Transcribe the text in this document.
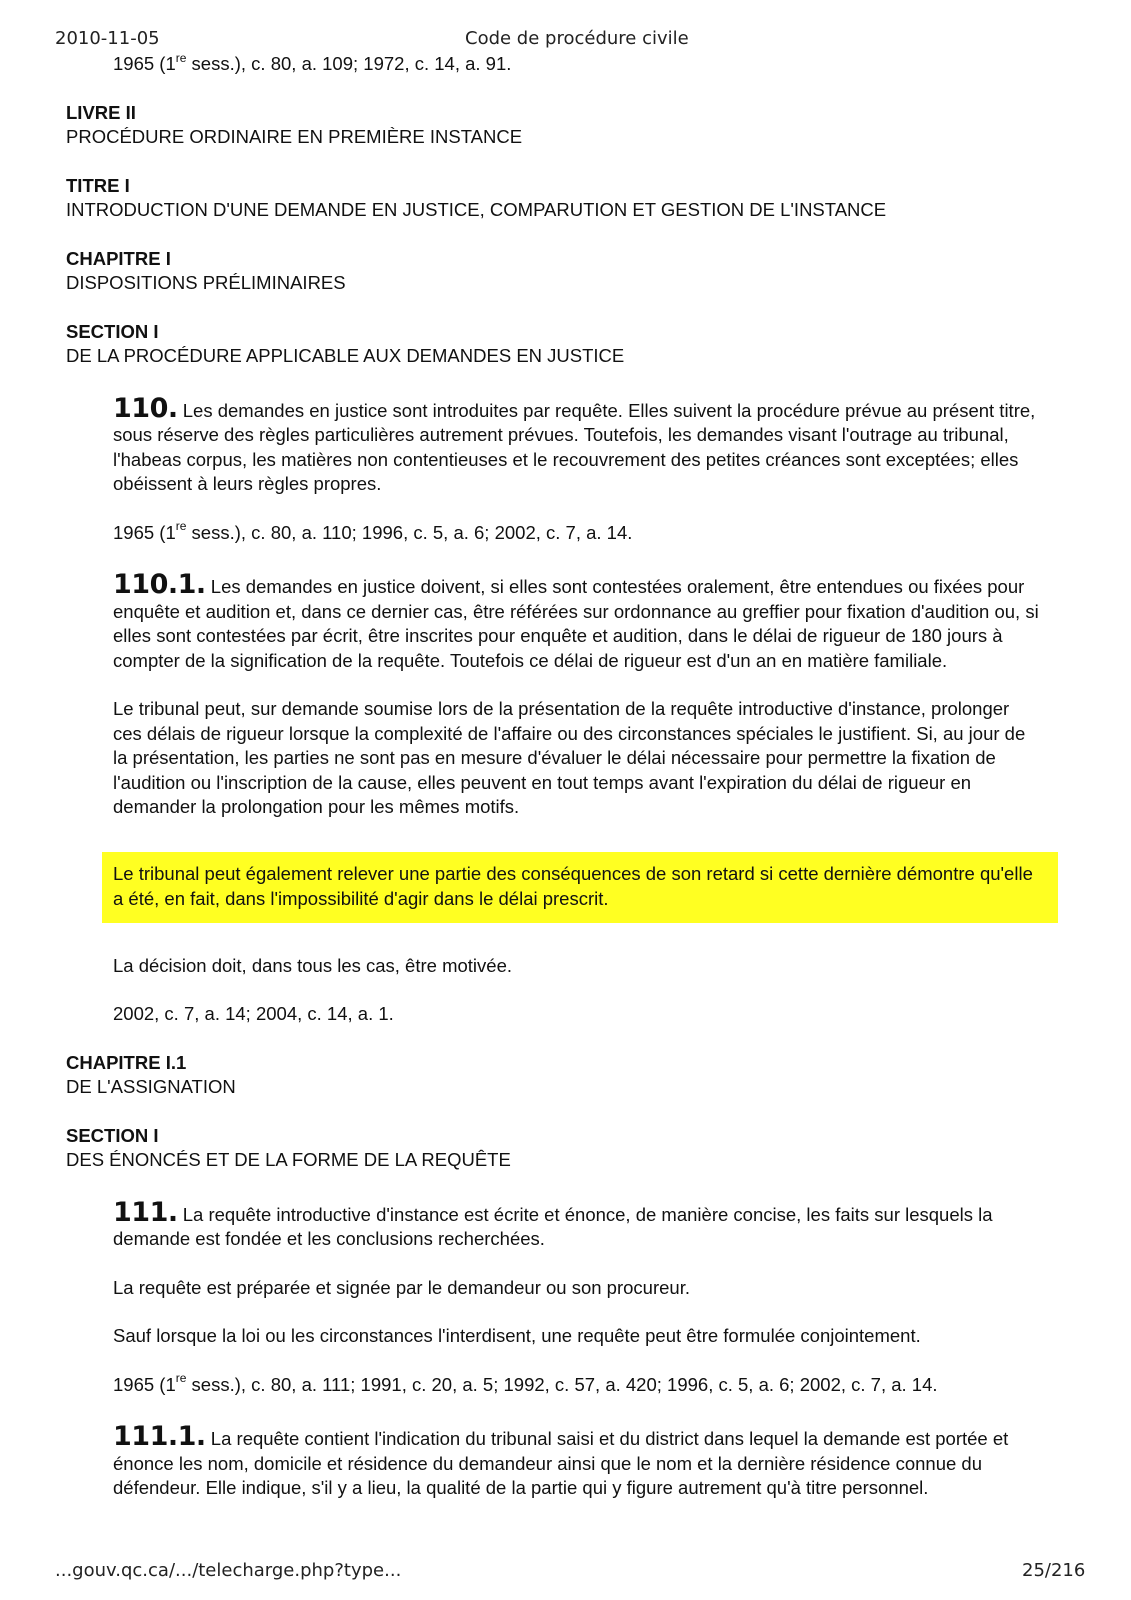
2010-11-05	Code de procédure civile

1965 (1re sess.), c. 80, a. 109; 1972, c. 14, a. 91.

LIVRE II
PROCÉDURE ORDINAIRE EN PREMIÈRE INSTANCE
TITRE I
INTRODUCTION D'UNE DEMANDE EN JUSTICE, COMPARUTION ET GESTION DE L'INSTANCE
CHAPITRE I
DISPOSITIONS PRÉLIMINAIRES
SECTION I
DE LA PROCÉDURE APPLICABLE AUX DEMANDES EN JUSTICE

110. Les demandes en justice sont introduites par requête. Elles suivent la procédure prévue au présent titre, sous réserve des règles particulières autrement prévues. Toutefois, les demandes visant l'outrage au tribunal, l'habeas corpus, les matières non contentieuses et le recouvrement des petites créances sont exceptées; elles obéissent à leurs règles propres.

1965 (1re sess.), c. 80, a. 110; 1996, c. 5, a. 6; 2002, c. 7, a. 14.

110.1. Les demandes en justice doivent, si elles sont contestées oralement, être entendues ou fixées pour enquête et audition et, dans ce dernier cas, être référées sur ordonnance au greffier pour fixation d'audition ou, si elles sont contestées par écrit, être inscrites pour enquête et audition, dans le délai de rigueur de 180 jours à compter de la signification de la requête. Toutefois ce délai de rigueur est d'un an en matière familiale.

Le tribunal peut, sur demande soumise lors de la présentation de la requête introductive d'instance, prolonger ces délais de rigueur lorsque la complexité de l'affaire ou des circonstances spéciales le justifient. Si, au jour de la présentation, les parties ne sont pas en mesure d'évaluer le délai nécessaire pour permettre la fixation de l'audition ou l'inscription de la cause, elles peuvent en tout temps avant l'expiration du délai de rigueur en demander la prolongation pour les mêmes motifs.

Le tribunal peut également relever une partie des conséquences de son retard si cette dernière démontre qu'elle a été, en fait, dans l'impossibilité d'agir dans le délai prescrit.

La décision doit, dans tous les cas, être motivée.

2002, c. 7, a. 14; 2004, c. 14, a. 1.

CHAPITRE I.1
DE L'ASSIGNATION
SECTION I
DES ÉNONCÉS ET DE LA FORME DE LA REQUÊTE

111. La requête introductive d'instance est écrite et énonce, de manière concise, les faits sur lesquels la demande est fondée et les conclusions recherchées.

La requête est préparée et signée par le demandeur ou son procureur.

Sauf lorsque la loi ou les circonstances l'interdisent, une requête peut être formulée conjointement.

1965 (1re sess.), c. 80, a. 111; 1991, c. 20, a. 5; 1992, c. 57, a. 420; 1996, c. 5, a. 6; 2002, c. 7, a. 14.

111.1. La requête contient l'indication du tribunal saisi et du district dans lequel la demande est portée et énonce les nom, domicile et résidence du demandeur ainsi que le nom et la dernière résidence connue du défendeur. Elle indique, s'il y a lieu, la qualité de la partie qui y figure autrement qu'à titre personnel.

...gouv.qc.ca/.../telecharge.php?type...	25/216
